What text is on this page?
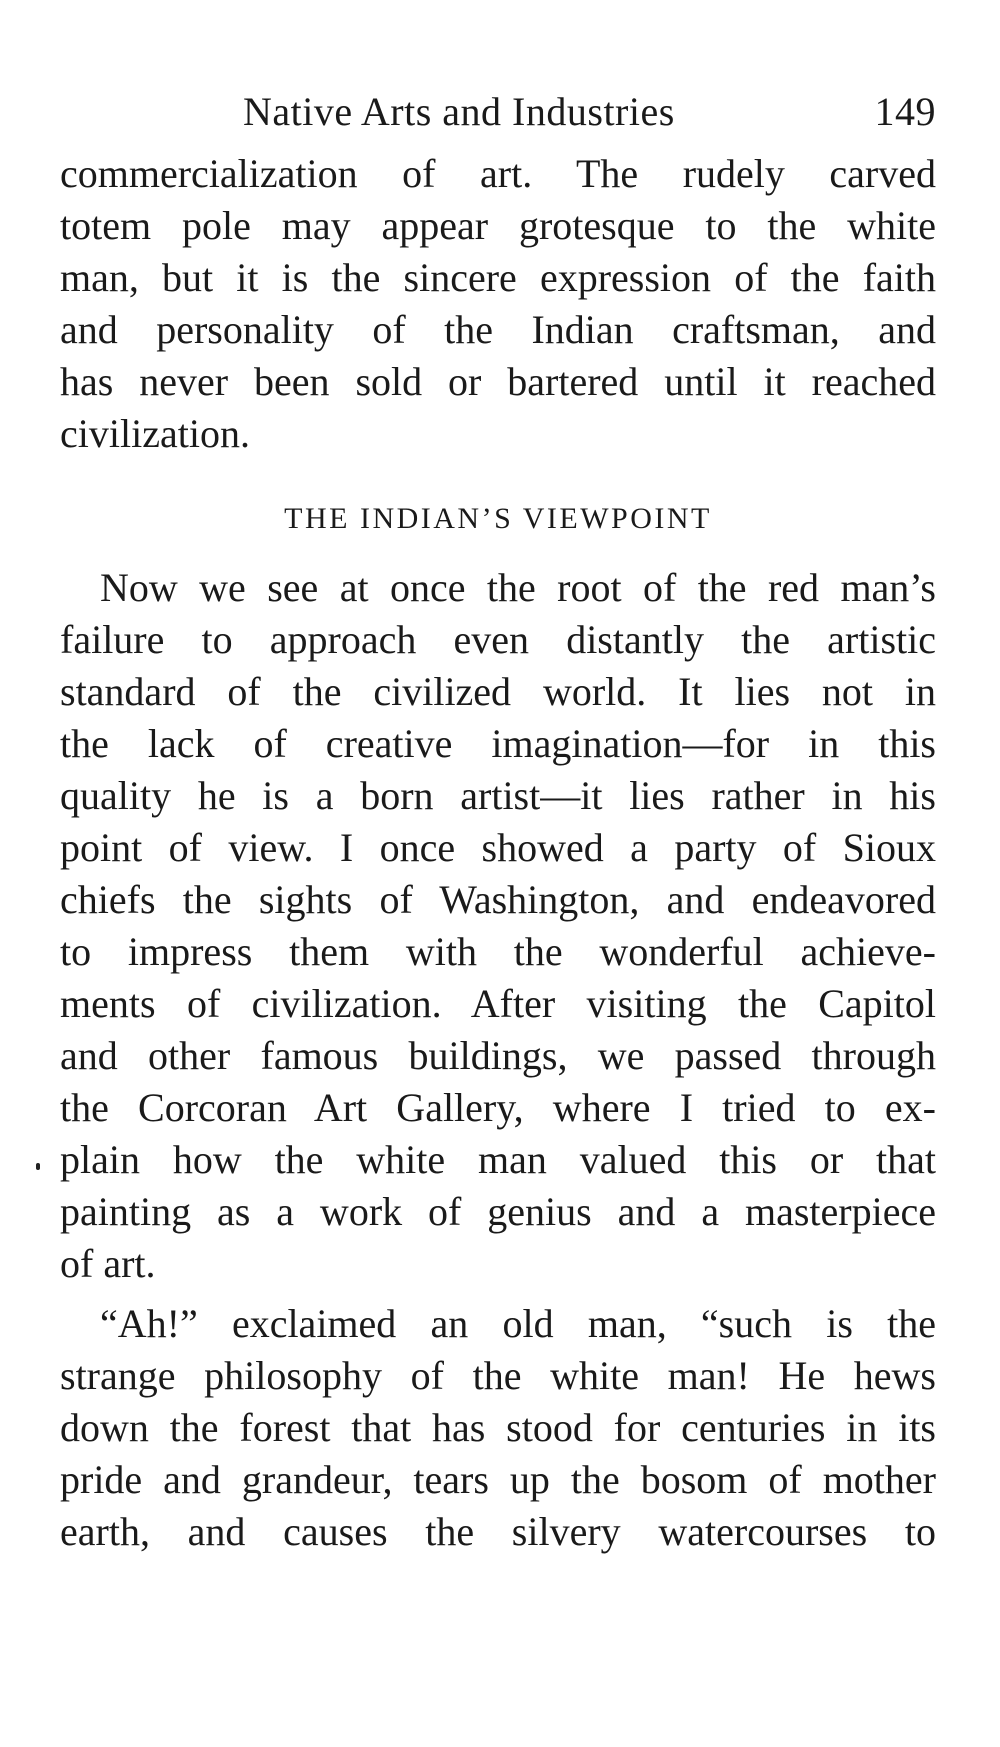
Native Arts and Industries	149
commercialization of art. The rudely carved
totem pole may appear grotesque to the white
man, but it is the sincere expression of the faith
and personality of the Indian craftsman, and
has never been sold or bartered until it reached
civilization.
THE INDIAN’S VIEWPOINT
Now we see at once the root of the red man’s
failure to approach even distantly the artistic
standard of the civilized world. It lies not in
the lack of creative imagination—for in this
quality he is a born artist—it lies rather in his
point of view. I once showed a party of Sioux
chiefs the sights of Washington, and endeavored
to impress them with the wonderful achieve-
ments of civilization. After visiting the Capitol
and other famous buildings, we passed through
the Corcoran Art Gallery, where I tried to ex-
plain how the white man valued this or that
painting as a work of genius and a masterpiece
of art.
“Ah!” exclaimed an old man, “such is the
strange philosophy of the white man! He hews
down the forest that has stood for centuries in its
pride and grandeur, tears up the bosom of mother
earth, and causes the silvery watercourses to
